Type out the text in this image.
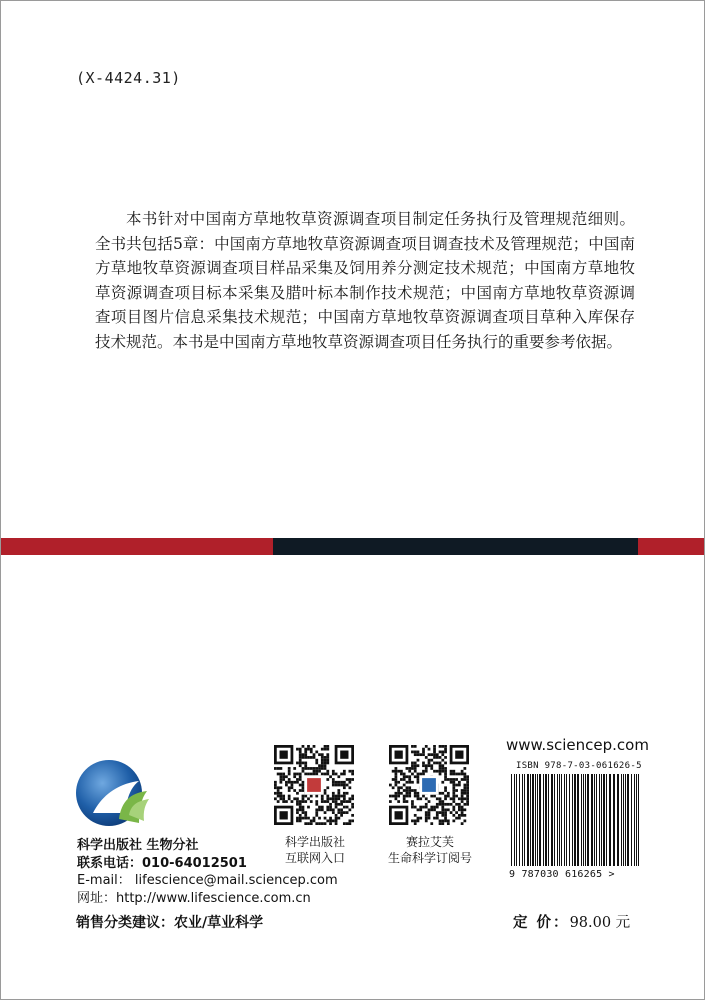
(X-4424.31)

本书针对中国南方草地牧草资源调查项目制定任务执行及管理规范细则。全书共包括5章：中国南方草地牧草资源调查项目调查技术及管理规范；中国南方草地牧草资源调查项目样品采集及饲用养分测定技术规范；中国南方草地牧草资源调查项目标本采集及腊叶标本制作技术规范；中国南方草地牧草资源调查项目图片信息采集技术规范；中国南方草地牧草资源调查项目草种入库保存技术规范。本书是中国南方草地牧草资源调查项目任务执行的重要参考依据。

科学出版社 生物分社
联系电话：010-64012501
E-mail： lifescience@mail.sciencep.com
网址：http://www.lifescience.com.cn
科学出版社
互联网入口
赛拉艾芙
生命科学订阅号
www.sciencep.com
ISBN 978-7-03-061626-5
9 787030 616265 >
销售分类建议：农业/草业科学	定 价：98.00 元
